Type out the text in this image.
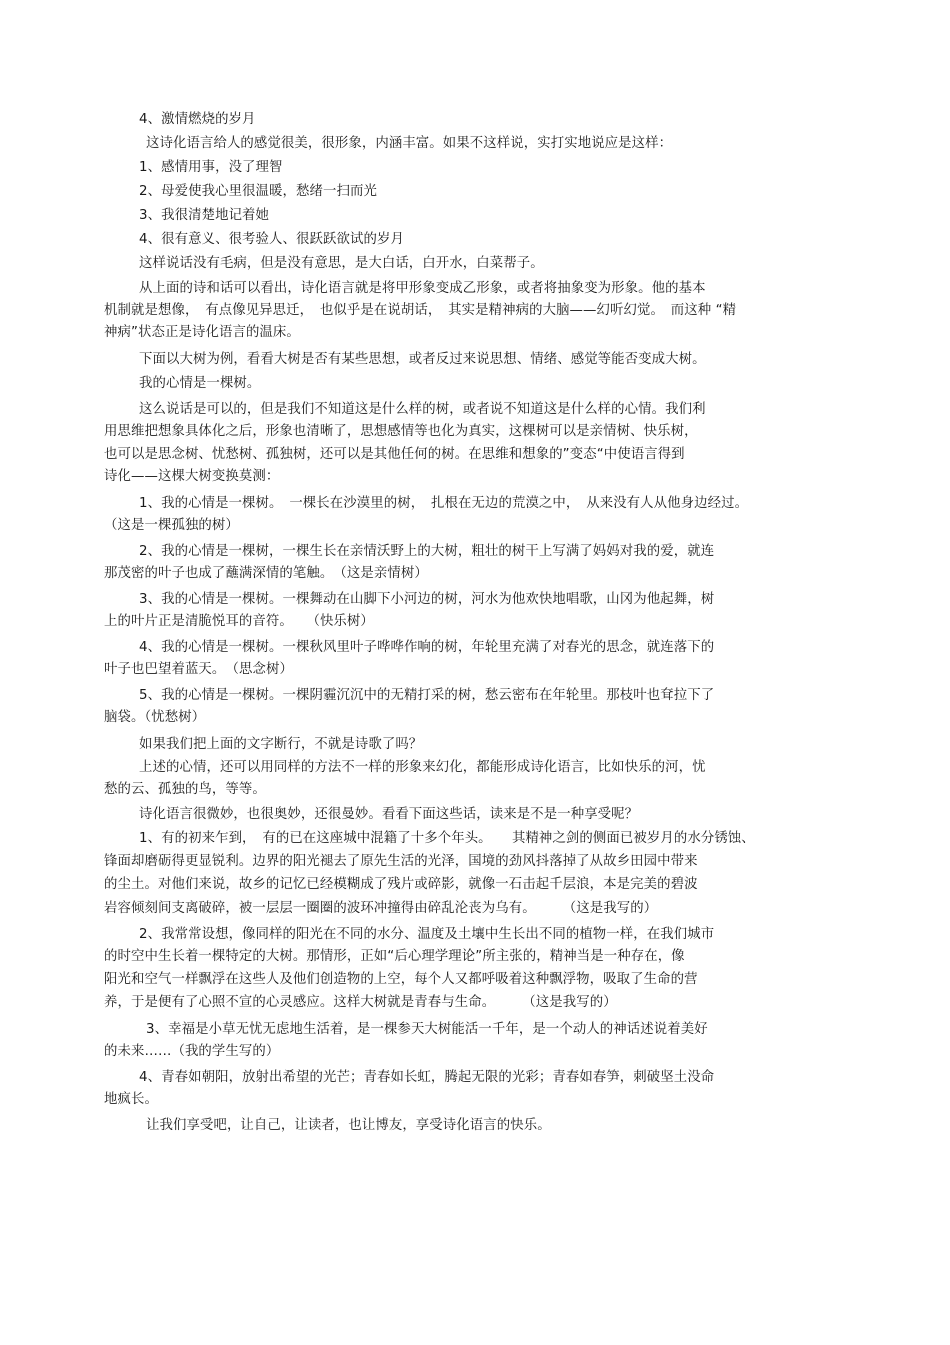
4、激情燃烧的岁月
这诗化语言给人的感觉很美，很形象，内涵丰富。如果不这样说，实打实地说应是这样：
1、感情用事，没了理智
2、母爱使我心里很温暖，愁绪一扫而光
3、我很清楚地记着她
4、很有意义、很考验人、很跃跃欲试的岁月
这样说话没有毛病，但是没有意思，是大白话，白开水，白菜帮子。
从上面的诗和话可以看出，诗化语言就是将甲形象变成乙形象，或者将抽象变为形象。他的基本
机制就是想像，　有点像见异思迁，　也似乎是在说胡话，　其实是精神病的大脑——幻听幻觉。　而这种 “精
神病”状态正是诗化语言的温床。
下面以大树为例，看看大树是否有某些思想，或者反过来说思想、情绪、感觉等能否变成大树。
我的心情是一棵树。
这么说话是可以的，但是我们不知道这是什么样的树，或者说不知道这是什么样的心情。我们利
用思维把想象具体化之后，形象也清晰了，思想感情等也化为真实，这棵树可以是亲情树、快乐树，
也可以是思念树、忧愁树、孤独树，还可以是其他任何的树。在思维和想象的”变态“中使语言得到
诗化——这棵大树变换莫测：
1、我的心情是一棵树。　一棵长在沙漠里的树，　扎根在无边的荒漠之中，　从来没有人从他身边经过。
（这是一棵孤独的树）
2、我的心情是一棵树，一棵生长在亲情沃野上的大树，粗壮的树干上写满了妈妈对我的爱，就连
那茂密的叶子也成了蘸满深情的笔触。　（这是亲情树）
3、我的心情是一棵树。一棵舞动在山脚下小河边的树，河水为他欢快地唱歌，山冈为他起舞，树
上的叶片正是清脆悦耳的音符。　　（快乐树）
4、我的心情是一棵树。一棵秋风里叶子哗哗作响的树，年轮里充满了对春光的思念，就连落下的
叶子也巴望着蓝天。　（思念树）
5、我的心情是一棵树。一棵阴霾沉沉中的无精打采的树，愁云密布在年轮里。那枝叶也耷拉下了
脑袋。（忧愁树）
如果我们把上面的文字断行，不就是诗歌了吗？
上述的心情，还可以用同样的方法不一样的形象来幻化，都能形成诗化语言，比如快乐的河，忧
愁的云、孤独的鸟，等等。
诗化语言很微妙，也很奥妙，还很曼妙。看看下面这些话，读来是不是一种享受呢？
1、有的初来乍到，　有的已在这座城中混籍了十多个年头。　　其精神之剑的侧面已被岁月的水分锈蚀、
锋面却磨砺得更显锐利。边界的阳光褪去了原先生活的光泽，国境的劲风抖落掉了从故乡田园中带来
的尘土。对他们来说，故乡的记忆已经模糊成了残片或碎影，就像一石击起千层浪，本是完美的碧波
岩容倾刻间支离破碎，被一层层一圈圈的波环冲撞得由碎乱沦丧为乌有。　　　（这是我写的）
2、我常常设想，像同样的阳光在不同的水分、温度及土壤中生长出不同的植物一样，在我们城市
的时空中生长着一棵特定的大树。那情形，正如“后心理学理论”所主张的，精神当是一种存在，像
阳光和空气一样飘浮在这些人及他们创造物的上空，每个人又都呼吸着这种飘浮物，吸取了生命的营
养，于是便有了心照不宣的心灵感应。这样大树就是青春与生命。　　　（这是我写的）
3、幸福是小草无忧无虑地生活着，是一棵参天大树能活一千年，是一个动人的神话述说着美好
的未来……（我的学生写的）
4、青春如朝阳，放射出希望的光芒；青春如长虹，腾起无限的光彩；青春如春笋，刺破坚土没命
地疯长。
让我们享受吧，让自己，让读者，也让博友，享受诗化语言的快乐。
